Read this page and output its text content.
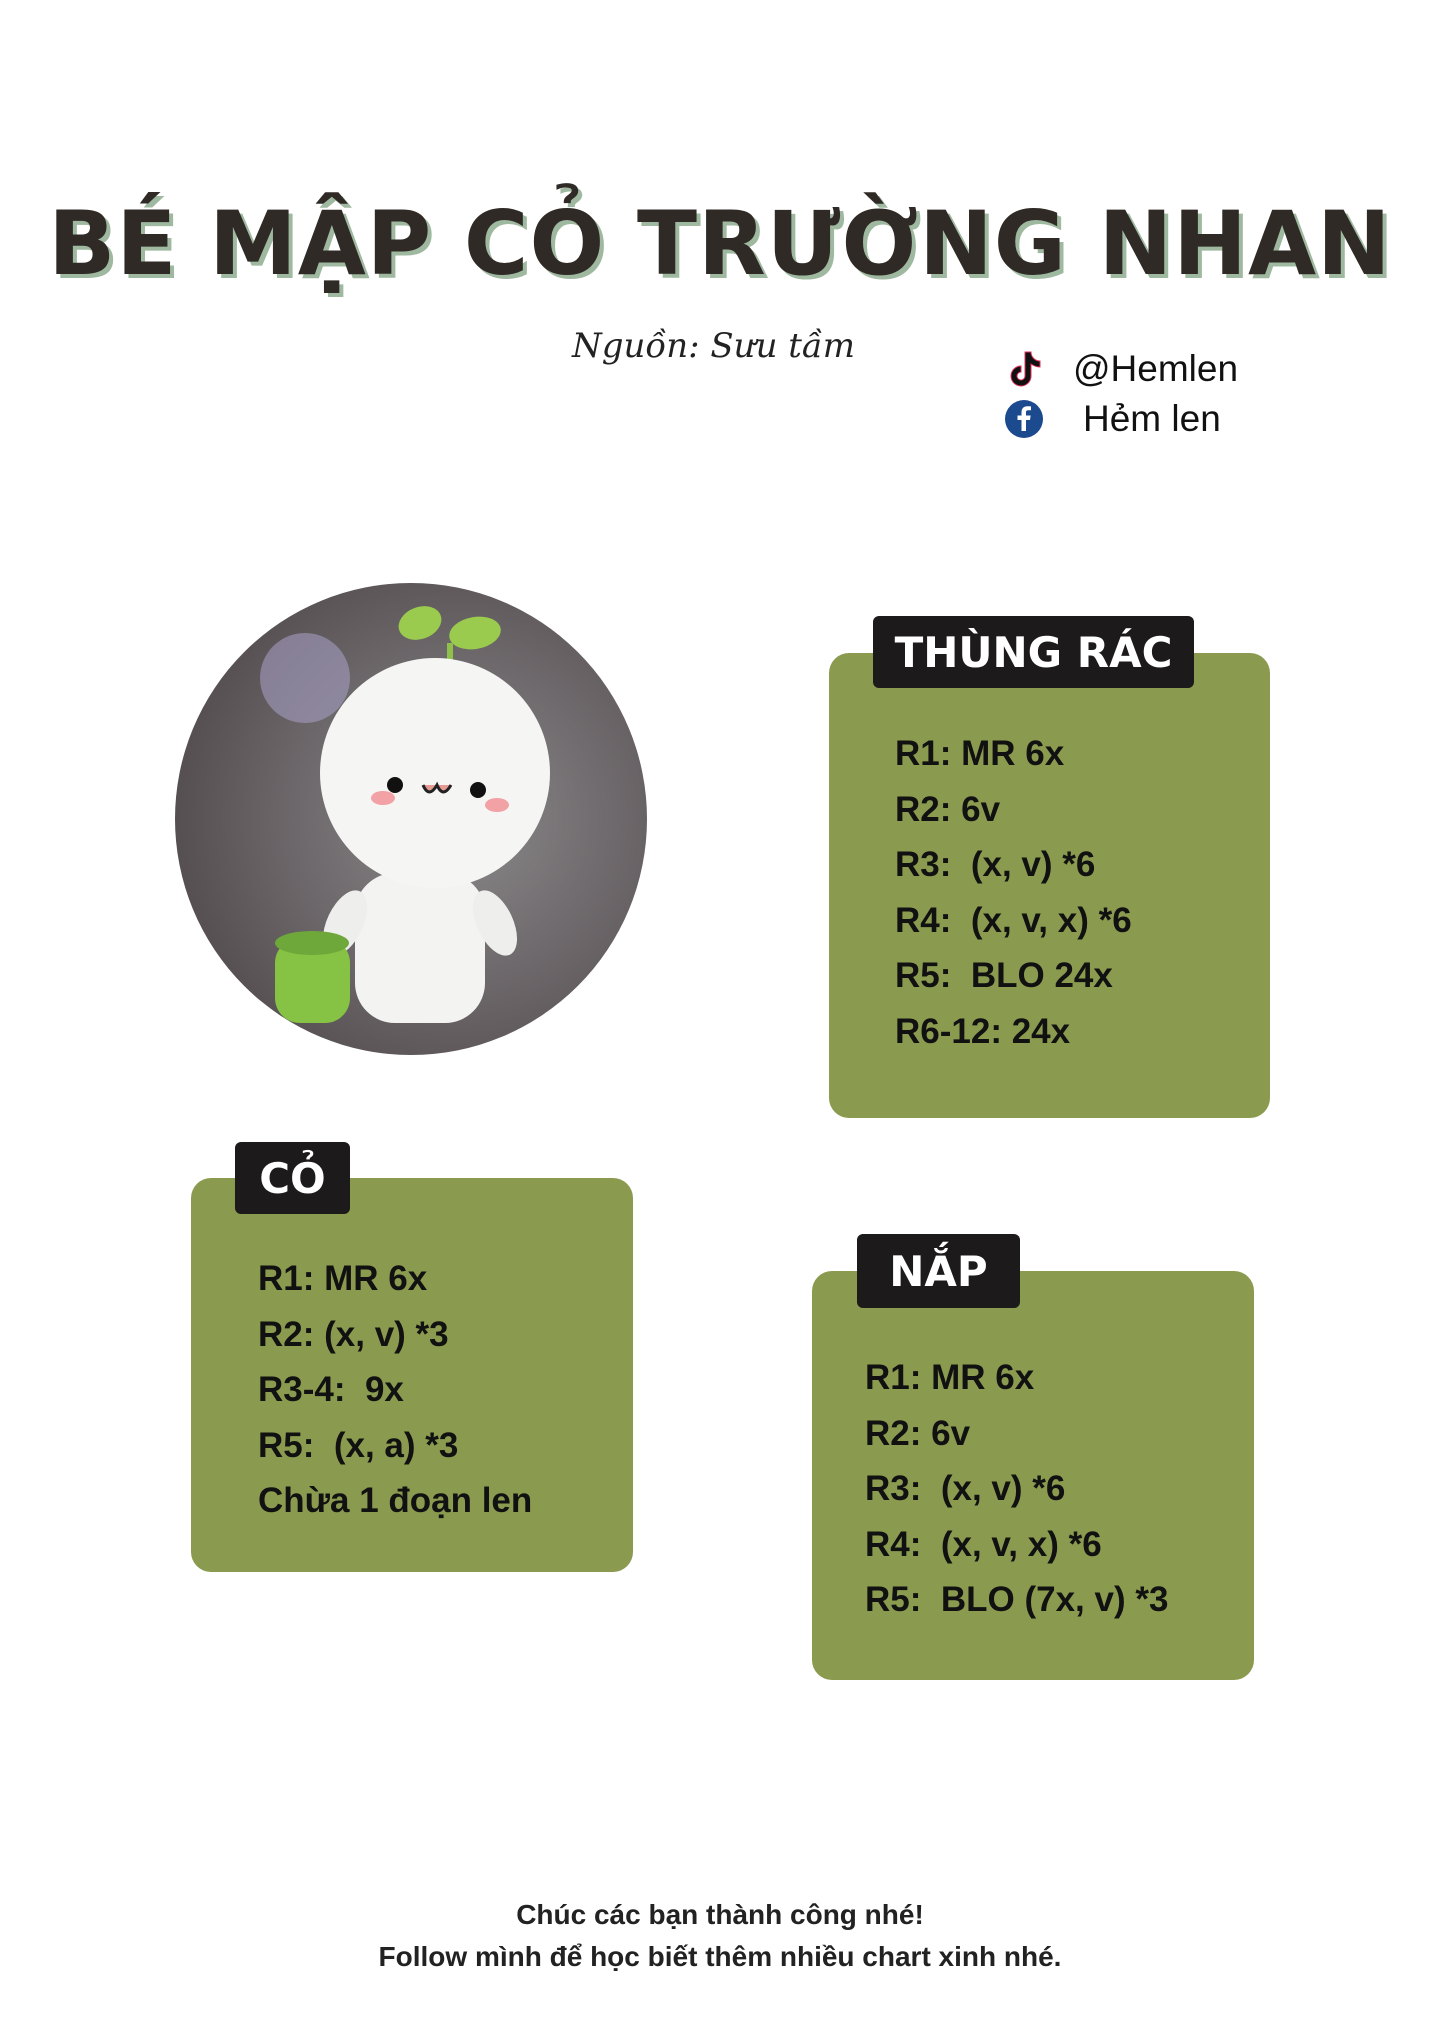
BÉ MẬP CỎ TRƯỜNG NHAN
Nguồn: Sưu tầm
@Hemlen
Hẻm len
THÙNG RÁC
R1: MR 6x
R2: 6v
R3:  (x, v) *6
R4:  (x, v, x) *6
R5:  BLO 24x
R6-12: 24x
CỎ
R1: MR 6x
R2: (x, v) *3
R3-4:  9x
R5:  (x, a) *3
Chừa 1 đoạn len
NẮP
R1: MR 6x
R2: 6v
R3:  (x, v) *6
R4:  (x, v, x) *6
R5:  BLO (7x, v) *3
Chúc các bạn thành công nhé!
Follow mình để học biết thêm nhiều chart xinh nhé.
